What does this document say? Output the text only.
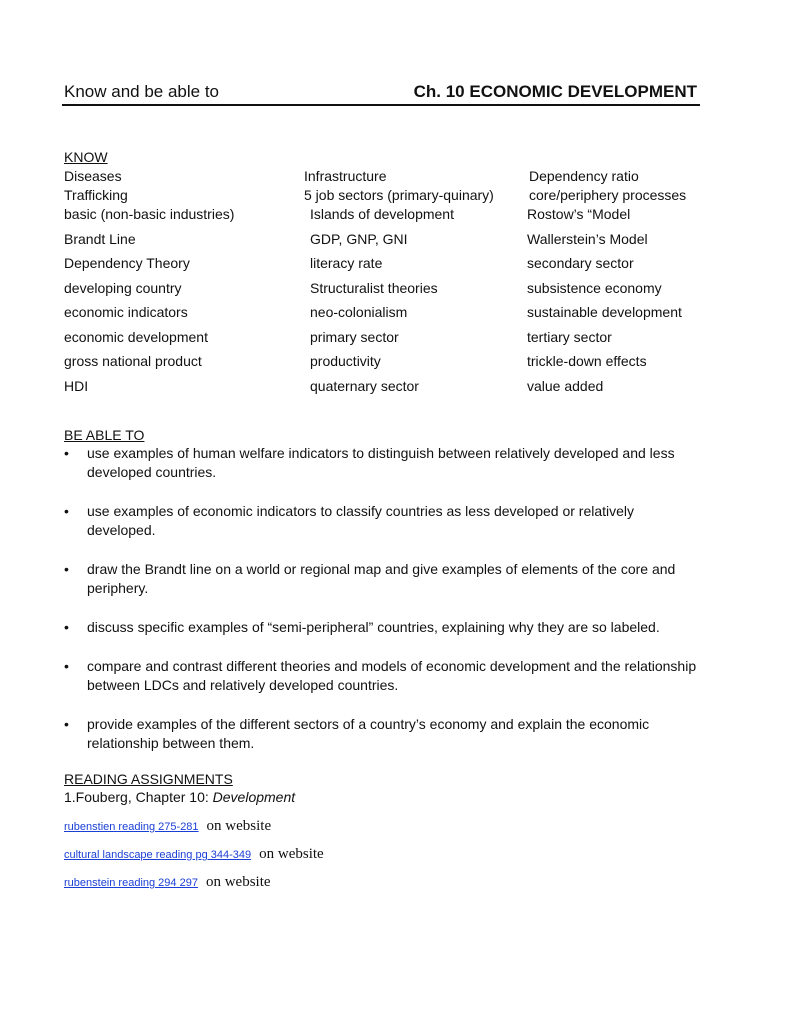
Know and be able to	Ch. 10 ECONOMIC DEVELOPMENT
KNOW
Diseases
Trafficking
basic (non-basic industries)
Brandt Line
Dependency Theory
developing country
economic indicators
economic development
gross national product
HDI
Infrastructure
5 job sectors (primary-quinary)
Islands of development
GDP, GNP, GNI
literacy rate
Structuralist theories
neo-colonialism
primary sector
productivity
quaternary sector
Dependency ratio
core/periphery processes
Rostow’s “Model
Wallerstein’s Model
secondary sector
subsistence economy
sustainable development
tertiary sector
trickle-down effects
value added
BE ABLE TO
• use examples of human welfare indicators to distinguish between relatively developed and less developed countries.
• use examples of economic indicators to classify countries as less developed or relatively developed.
• draw the Brandt line on a world or regional map and give examples of elements of the core and periphery.
• discuss specific examples of “semi-peripheral” countries, explaining why they are so labeled.
• compare and contrast different theories and models of economic development and the relationship between LDCs and relatively developed countries.
• provide examples of the different sectors of a country’s economy and explain the economic relationship between them.
READING ASSIGNMENTS
1.Fouberg, Chapter 10: Development
rubenstien reading 275-281 on website
cultural landscape reading pg 344-349 on website
rubenstein reading 294 297 on website
